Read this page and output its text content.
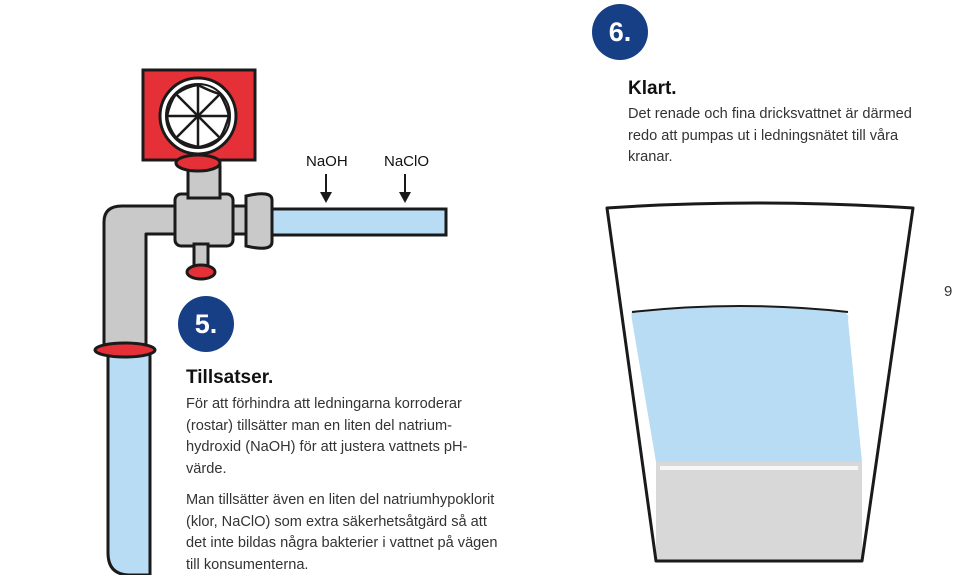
6.
Klart.

Det renade och fina dricksvattnet är därmed redo att pumpas ut i ledningsnätet till våra kranar.

NaOH NaClO
9
5.
Tillsatser.

För att förhindra att ledningarna korroderar (rostar) tillsätter man en liten del natrium-hydroxid (NaOH) för att justera vattnets pH-värde.

Man tillsätter även en liten del natriumhypoklorit (klor, NaClO) som extra säkerhetsåtgärd så att det inte bildas några bakterier i vattnet på vägen till konsumenterna.
